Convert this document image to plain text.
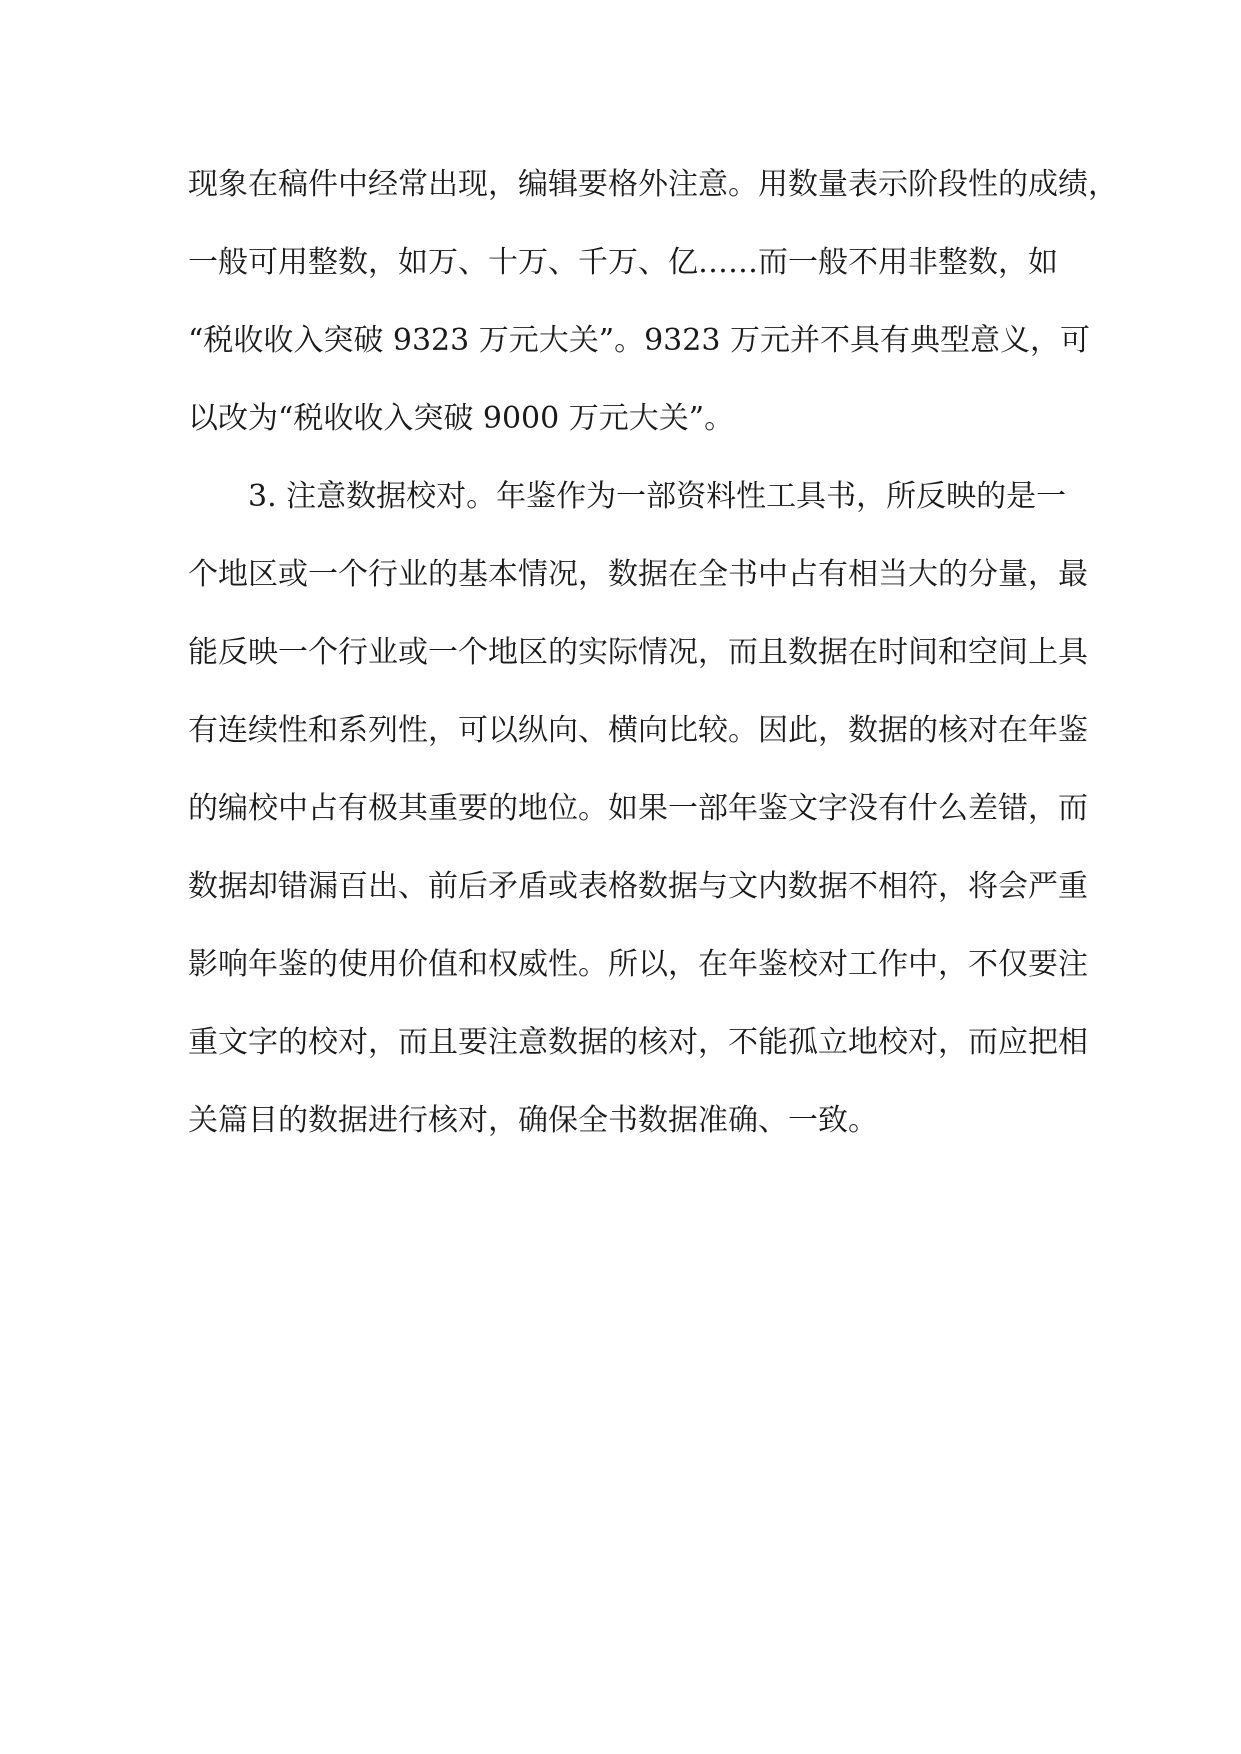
现象在稿件中经常出现，编辑要格外注意。用数量表示阶段性的成绩，
一般可用整数，如万、十万、千万、亿……而一般不用非整数，如
“税收收入突破 9323 万元大关”。9323 万元并不具有典型意义，可
以改为“税收收入突破 9000 万元大关”。
　　3. 注意数据校对。年鉴作为一部资料性工具书，所反映的是一
个地区或一个行业的基本情况，数据在全书中占有相当大的分量，最
能反映一个行业或一个地区的实际情况，而且数据在时间和空间上具
有连续性和系列性，可以纵向、横向比较。因此，数据的核对在年鉴
的编校中占有极其重要的地位。如果一部年鉴文字没有什么差错，而
数据却错漏百出、前后矛盾或表格数据与文内数据不相符，将会严重
影响年鉴的使用价值和权威性。所以，在年鉴校对工作中，不仅要注
重文字的校对，而且要注意数据的核对，不能孤立地校对，而应把相
关篇目的数据进行核对，确保全书数据准确、一致。
